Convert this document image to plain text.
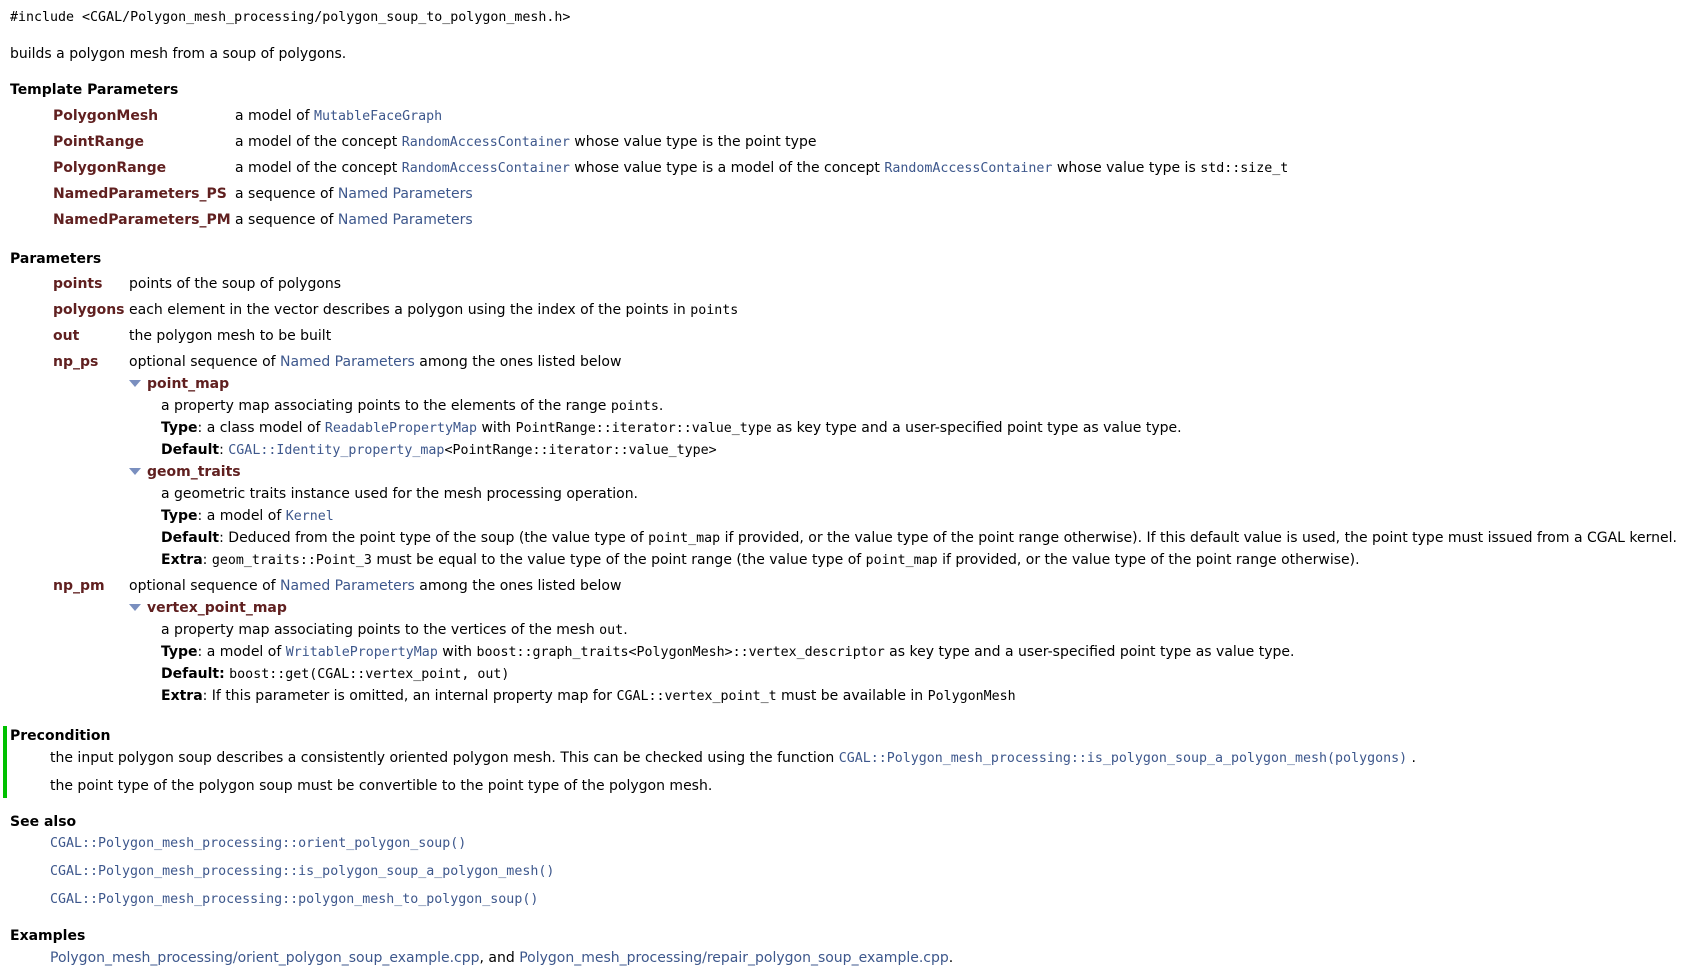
#include <CGAL/Polygon_mesh_processing/polygon_soup_to_polygon_mesh.h>
builds a polygon mesh from a soup of polygons.
Template Parameters
PolygonMesh	a model of MutableFaceGraph
PointRange	a model of the concept RandomAccessContainer whose value type is the point type
PolygonRange	a model of the concept RandomAccessContainer whose value type is a model of the concept RandomAccessContainer whose value type is std::size_t
NamedParameters_PS a sequence of Named Parameters
NamedParameters_PM a sequence of Named Parameters
Parameters
points points of the soup of polygons
polygons each element in the vector describes a polygon using the index of the points in points
out	the polygon mesh to be built
np_ps optional sequence of Named Parameters among the ones listed below
point_map
a property map associating points to the elements of the range points.
Type: a class model of ReadablePropertyMap with PointRange::iterator::value_type as key type and a user-specified point type as value type.
Default: CGAL::Identity_property_map<PointRange::iterator::value_type>
geom_traits
a geometric traits instance used for the mesh processing operation.
Type: a model of Kernel
Default: Deduced from the point type of the soup (the value type of point_map if provided, or the value type of the point range otherwise). If this default value is used, the point type must issued from a CGAL kernel.
Extra: geom_traits::Point_3 must be equal to the value type of the point range (the value type of point_map if provided, or the value type of the point range otherwise).
np_pm optional sequence of Named Parameters among the ones listed below
vertex_point_map
a property map associating points to the vertices of the mesh out.
Type: a model of WritablePropertyMap with boost::graph_traits<PolygonMesh>::vertex_descriptor as key type and a user-specified point type as value type.
Default: boost::get(CGAL::vertex_point, out)
Extra: If this parameter is omitted, an internal property map for CGAL::vertex_point_t must be available in PolygonMesh
Precondition
the input polygon soup describes a consistently oriented polygon mesh. This can be checked using the function CGAL::Polygon_mesh_processing::is_polygon_soup_a_polygon_mesh(polygons) .
the point type of the polygon soup must be convertible to the point type of the polygon mesh.
See also
CGAL::Polygon_mesh_processing::orient_polygon_soup()
CGAL::Polygon_mesh_processing::is_polygon_soup_a_polygon_mesh()
CGAL::Polygon_mesh_processing::polygon_mesh_to_polygon_soup()
Examples
Polygon_mesh_processing/orient_polygon_soup_example.cpp, and Polygon_mesh_processing/repair_polygon_soup_example.cpp.
